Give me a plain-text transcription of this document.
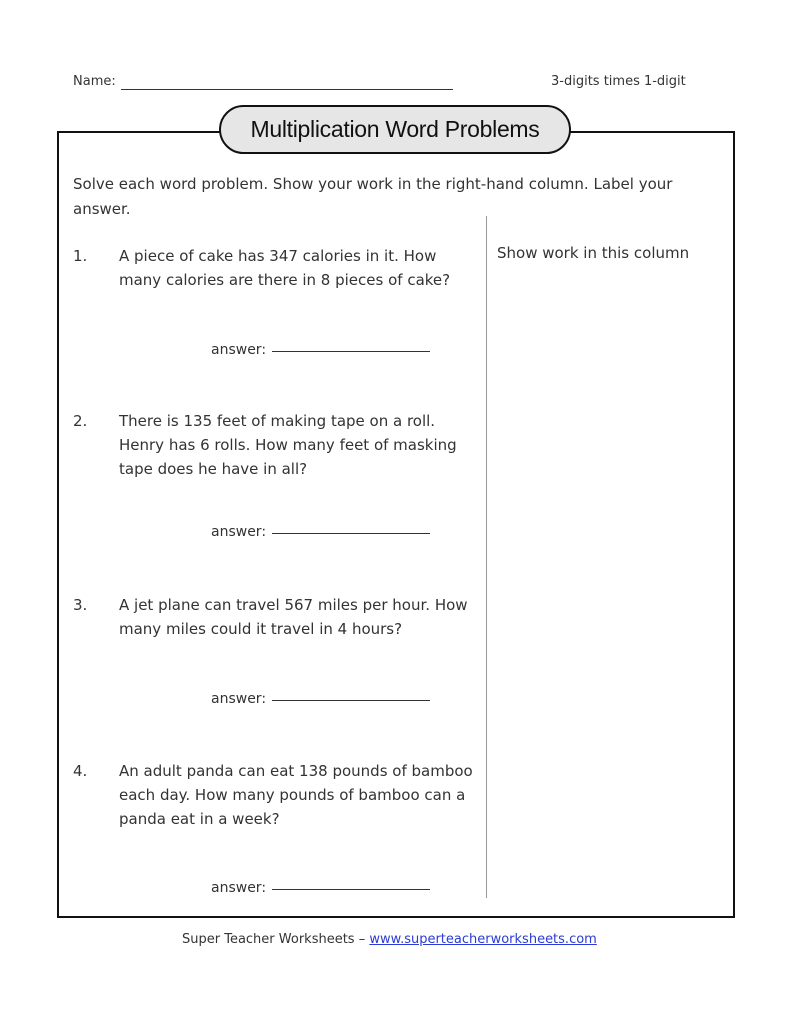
Name:	3-digits times 1-digit
Multiplication Word Problems
Solve each word problem. Show your work in the right-hand column. Label your answer.
Show work in this column
1. A piece of cake has 347 calories in it. How many calories are there in 8 pieces of cake?
answer:
2. There is 135 feet of making tape on a roll. Henry has 6 rolls. How many feet of masking tape does he have in all?
answer:
3. A jet plane can travel 567 miles per hour. How many miles could it travel in 4 hours?
answer:
4. An adult panda can eat 138 pounds of bamboo each day. How many pounds of bamboo can a panda eat in a week?
answer:
Super Teacher Worksheets – www.superteacherworksheets.com
